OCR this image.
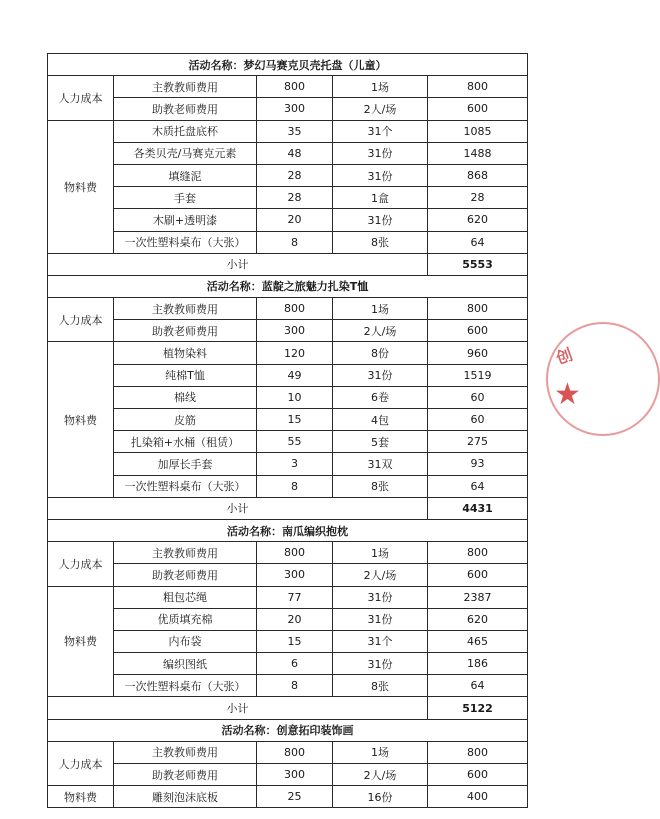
活动名称：梦幻马赛克贝壳托盘（儿童）				
人力成本	主教教师费用	800	1场	800
	助教老师费用	300	2人/场	600
物料费	木质托盘底杯	35	31个	1085
	各类贝壳/马赛克元素	48	31份	1488
	填缝泥	28	31份	868
	手套	28	1盒	28
	木刷+透明漆	20	31份	620
	一次性塑料桌布（大张）	8	8张	64
小计				5553
活动名称：蓝靛之旅魅力扎染T恤				
人力成本	主教教师费用	800	1场	800
	助教老师费用	300	2人/场	600
物料费	植物染料	120	8份	960
	纯棉T恤	49	31份	1519
	棉线	10	6卷	60
	皮筋	15	4包	60
	扎染箱+水桶（租赁）	55	5套	275
	加厚长手套	3	31双	93
	一次性塑料桌布（大张）	8	8张	64
小计				4431
活动名称：南瓜编织抱枕				
人力成本	主教教师费用	800	1场	800
	助教老师费用	300	2人/场	600
物料费	粗包芯绳	77	31份	2387
	优质填充棉	20	31份	620
	内布袋	15	31个	465
	编织图纸	6	31份	186
	一次性塑料桌布（大张）	8	8张	64
小计				5122
活动名称：创意拓印装饰画				
人力成本	主教教师费用	800	1场	800
	助教老师费用	300	2人/场	600
物料费	雕刻泡沫底板	25	16份	400
创
★
